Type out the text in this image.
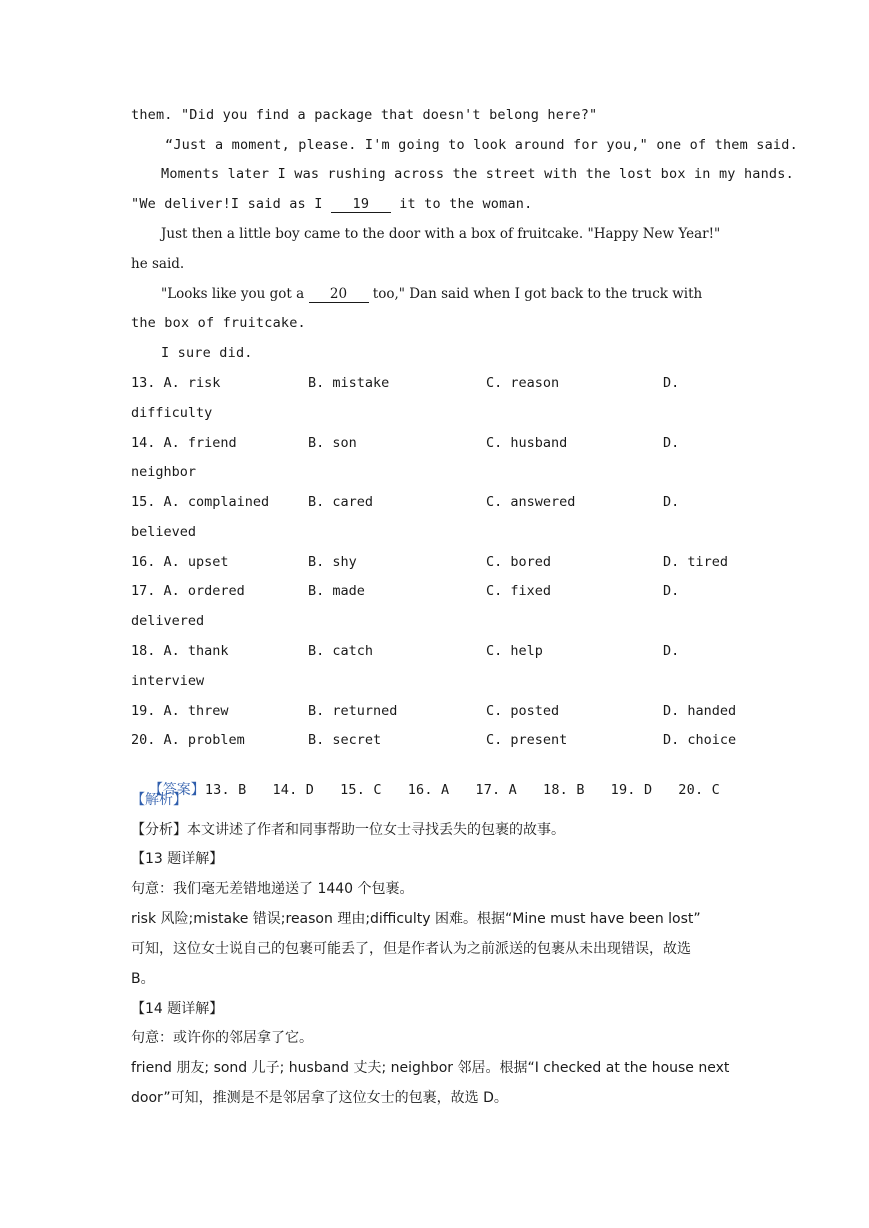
them. "Did you find a package that doesn't belong here?"
“Just a moment, please. I'm going to look around for you," one of them said.
Moments later I was rushing across the street with the lost box in my hands.
"We deliver!I said as I 19 it to the woman.
Just then a little boy came to the door with a box of fruitcake. "Happy New Year!"
he said.
"Looks like you got a 20 too," Dan said when I got back to the truck with
the box of fruitcake.
I sure did.
13. A. risk	B. mistake	C. reason	D.
difficulty
14. A. friend	B. son	C. husband	D.
neighbor
15. A. complained	B. cared	C. answered	D.
believed
16. A. upset	B. shy	C. bored	D. tired
17. A. ordered	B. made	C. fixed	D.
delivered
18. A. thank	B. catch	C. help	D.
interview
19. A. threw	B. returned	C. posted	D. handed
20. A. problem	B. secret	C. present	D. choice

【答案】13. B 14. D 15. C 16. A 17. A 18. B 19. D 20. C

【解析】
【分析】本文讲述了作者和同事帮助一位女士寻找丢失的包裹的故事。
【13 题详解】
句意：我们毫无差错地递送了 1440 个包裹。
risk 风险;mistake 错误;reason 理由;difficulty 困难。根据“Mine must have been lost”
可知，这位女士说自己的包裹可能丢了，但是作者认为之前派送的包裹从未出现错误，故选
B。
【14 题详解】
句意：或许你的邻居拿了它。
friend 朋友; sond 儿子; husband 丈夫; neighbor 邻居。根据“I checked at the house next
door”可知，推测是不是邻居拿了这位女士的包裹，故选 D。
